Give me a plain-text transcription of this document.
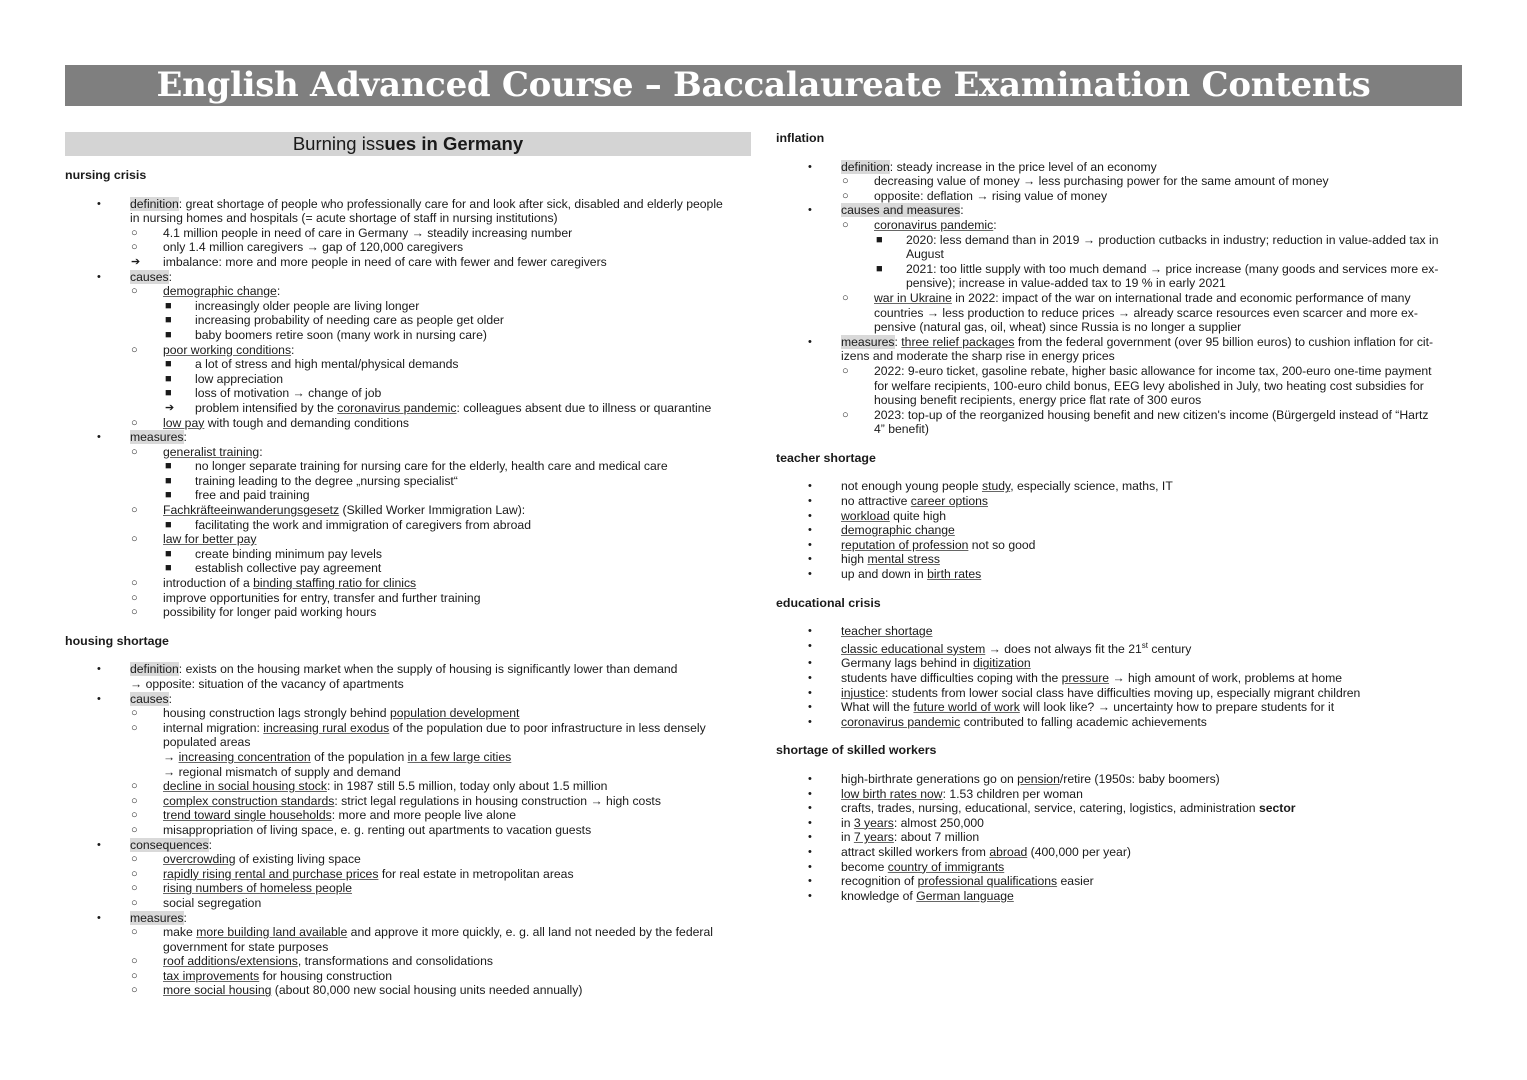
English Advanced Course – Baccalaureate Examination Contents
Burning issues in Germany
nursing crisis
• definition: great shortage of people who professionally care for and look after sick, disabled and elderly people
in nursing homes and hospitals (= acute shortage of staff in nursing institutions)
○ 4.1 million people in need of care in Germany → steadily increasing number
○ only 1.4 million caregivers → gap of 120,000 caregivers
➔ imbalance: more and more people in need of care with fewer and fewer caregivers
• causes:
○ demographic change:
■ increasingly older people are living longer
■ increasing probability of needing care as people get older
■ baby boomers retire soon (many work in nursing care)
○ poor working conditions:
■ a lot of stress and high mental/physical demands
■ low appreciation
■ loss of motivation → change of job
➔ problem intensified by the coronavirus pandemic: colleagues absent due to illness or quarantine
○ low pay with tough and demanding conditions
• measures:
○ generalist training:
■ no longer separate training for nursing care for the elderly, health care and medical care
■ training leading to the degree „nursing specialist“
■ free and paid training
○ Fachkräfteeinwanderungsgesetz (Skilled Worker Immigration Law):
■ facilitating the work and immigration of caregivers from abroad
○ law for better pay
■ create binding minimum pay levels
■ establish collective pay agreement
○ introduction of a binding staffing ratio for clinics
○ improve opportunities for entry, transfer and further training
○ possibility for longer paid working hours
housing shortage
• definition: exists on the housing market when the supply of housing is significantly lower than demand
→ opposite: situation of the vacancy of apartments
• causes:
○ housing construction lags strongly behind population development
○ internal migration: increasing rural exodus of the population due to poor infrastructure in less densely
populated areas
→ increasing concentration of the population in a few large cities
→ regional mismatch of supply and demand
○ decline in social housing stock: in 1987 still 5.5 million, today only about 1.5 million
○ complex construction standards: strict legal regulations in housing construction → high costs
○ trend toward single households: more and more people live alone
○ misappropriation of living space, e. g. renting out apartments to vacation guests
• consequences:
○ overcrowding of existing living space
○ rapidly rising rental and purchase prices for real estate in metropolitan areas
○ rising numbers of homeless people
○ social segregation
• measures:
○ make more building land available and approve it more quickly, e. g. all land not needed by the federal
government for state purposes
○ roof additions/extensions, transformations and consolidations
○ tax improvements for housing construction
○ more social housing (about 80,000 new social housing units needed annually)
inflation
• definition: steady increase in the price level of an economy
○ decreasing value of money → less purchasing power for the same amount of money
○ opposite: deflation → rising value of money
• causes and measures:
○ coronavirus pandemic:
■ 2020: less demand than in 2019 → production cutbacks in industry; reduction in value-added tax in
August
■ 2021: too little supply with too much demand → price increase (many goods and services more ex-
pensive); increase in value-added tax to 19 % in early 2021
○ war in Ukraine in 2022: impact of the war on international trade and economic performance of many
countries → less production to reduce prices → already scarce resources even scarcer and more ex-
pensive (natural gas, oil, wheat) since Russia is no longer a supplier
• measures: three relief packages from the federal government (over 95 billion euros) to cushion inflation for cit-
izens and moderate the sharp rise in energy prices
○ 2022: 9-euro ticket, gasoline rebate, higher basic allowance for income tax, 200-euro one-time payment
for welfare recipients, 100-euro child bonus, EEG levy abolished in July, two heating cost subsidies for
housing benefit recipients, energy price flat rate of 300 euros
○ 2023: top-up of the reorganized housing benefit and new citizen's income (Bürgergeld instead of “Hartz
4” benefit)
teacher shortage
• not enough young people study, especially science, maths, IT
• no attractive career options
• workload quite high
• demographic change
• reputation of profession not so good
• high mental stress
• up and down in birth rates
educational crisis
• teacher shortage
• classic educational system → does not always fit the 21st century
• Germany lags behind in digitization
• students have difficulties coping with the pressure → high amount of work, problems at home
• injustice: students from lower social class have difficulties moving up, especially migrant children
• What will the future world of work will look like? → uncertainty how to prepare students for it
• coronavirus pandemic contributed to falling academic achievements
shortage of skilled workers
• high-birthrate generations go on pension/retire (1950s: baby boomers)
• low birth rates now: 1.53 children per woman
• crafts, trades, nursing, educational, service, catering, logistics, administration sector
• in 3 years: almost 250,000
• in 7 years: about 7 million
• attract skilled workers from abroad (400,000 per year)
• become country of immigrants
• recognition of professional qualifications easier
• knowledge of German language
